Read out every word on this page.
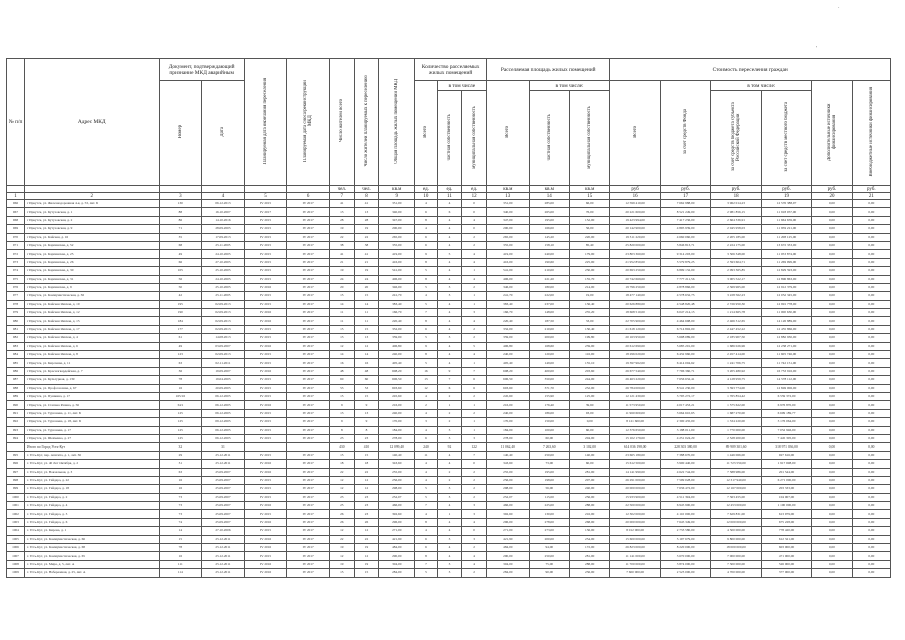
.
'
№ п/п	Адрес МКД	Документ, подтверждающий признание МКД аварийным		Планируемая дата окончания переселения	Планируемая дата сноса/реконструкции МКД	Число жителей всего	Число жителей планируемых к переселению	Общая площадь жилых помещений МКД	Количество расселяемых жилых помещений			Расселяемая площадь жилых помещений			Стоимость переселения граждан					
		Номер	Дата						Всего	в том числе		Всего	в том числе:		Всего	за счет средств Фонда	в том числе:		Дополнительные источники финансирования	Внебюджетные источники финансирования
										частная собственность	муниципальная собственность		частная собственность	муниципальная собственность			за счет средств бюджета субъекта Российской Федерации	за счет средств местного бюджета		
						чел.	чел.	кв.м	ед.	ед.	ед.	кв.м	кв.м	кв.м	руб	руб.	руб.	руб.	руб.	руб.
1	2	3	4	5	6	7	8	9	10	11	12	13	14	15	16	17	18	19	20	21
966	г Иркутск, ул. Железнодорожная 4-я, д. 53, лит. Б	130	06.12.2013	IV 2015	IV 2017	41	41	351,00	4	4	0	351,00	285,00	66,00	12 599 410,00	7 662 988,00	3 962 014,23	12 576 388,97	0,00	0,00
967	г Иркутск, ул. Кутузовская, д. 1	88	16.10.2007	IV 2017	IV 2017	13	13	340,00	6	6	0	340,00	265,00	76,00	20 221 600,00	8 521 249,00	2 981 856,15	11 918 057,00	0,00	0,00
968	г Иркутск, ул. Кутузовская, д. 2	86	14.10.2016	IV 2015	IV 2017	28	28	347,00	8	4	4	347,00	195,00	152,00	19 423 994,00	7 417 236,00	2 664 336,91	11 664 659,00	0,00	0,00
969	г Иркутск, ул. Кутузовская, д. 9	71	28.09.2005	IV 2015	IV 2017	19	19	200,00	4	4	0	200,00	166,00	56,00	20 142 900,00	4 895 939,00	2 045 958,03	11 959 221,00	0,00	0,00
970	г Иркутск, ул. Кайская, д. 16	35	17.09.2013	IV 2015	IV 2017	22	22	265,00	6	4	2	265,00	145,20	220,00	19 311 220,00	4 660 060,00	2 205 185,00	11 208 125,00	0,00	0,00
971	г Иркутск, ул. Карпинская, д. 52	68	25.11.2005	IV 2015	IV 2017	38	38	355,00	6	4	2	355,00	158,10	85,40	25 820 000,00	5 846 813,71	2 224 175,00	13 672 333,00	0,00	0,00
972	г Иркутск, ул. Карпинская, д. 25	49	24.10.2005	IV 2015	IV 2017	41	41	419,00	9	5	4	419,00	240,00	179,00	23 803 360,00	9 314 203,00	3 506 348,00	11 053 874,00	0,00	0,00
973	г Иркутск, ул. Карпинская, д. 26	66	27.10.2005	IV 2015	IV 2017	21	21	416,00	8	4	4	416,00	190,60	225,00	21 952 850,00	5 579 879,25	2 593 604,71	11 269 999,00	0,00	0,00
974	г Иркутск, ул. Карпинская, д. 30	105	25.10.2005	IV 2015	IV 2017	19	19	541,00	5	4	1	541,00	210,00	230,00	20 693 250,00	6 899 132,00	2 093 365,85	12 829 593,00	0,00	0,00
975	г Иркутск, ул. Карпинская, д. 31	56	24.10.2005	IV 2015	IV 2017	24	24	406,00	8	4	4	406,00	221,20	155,70	20 742 669,00	7 777 211,56	3 005 522,17	12 896 863,00	0,00	0,00
976	г Иркутск, ул. Карпинская, д. 9	50	25.10.2005	IV 2016	IV 2017	20	20	346,00	5	3	2	346,00	180,00	214,00	19 796 250,00	4 878 866,00	2 369 965,00	12 912 379,00	0,00	0,00
977	г Иркутск, ул. Коммунистическая, д. 36	42	25.11.2005	IV 2015	IV 2017	15	15	241,70	4	3	1	241,70	222,00	19,00	18 477 140,00	4 578 632,73	3 228 562,23	12 052 345,00	0,00	0,00
978	г Иркутск, ул. Кайская Ямская, д. 10	195	02.09.2013	IV 2015	IV 2017	14	14	383,40	5	4	1	383,40	237,00	136,40	20 626 880,00	4 548 820,48	2 726 950,30	12 991 778,00	0,00	0,00
979	г Иркутск, ул. Кайская Ямская, д. 12	190	02.09.2013	IV 2016	IV 2017	11	11	166,70	7	4	3	166,70	148,00	235,20	18 668 510,00	6 047 214,13	1 214 665,78	11 000 630,00	0,00	0,00
980	г Иркутск, ул. Кайская Ямская, д. 15	184	02.09.2013	IV 2016	IV 2017	11	11	220,40	8	4	4	220,40	187,50	33,00	22 705 900,00	4 464 698,00	2 466 312,65	14 126 889,00	0,00	0,00
981	г Иркутск, ул. Кайская Ямская, д. 17	177	02.09.2013	IV 2015	IV 2017	15	15	332,00	6	4	2	332,00	210,00	130,40	21 618 120,00	6 714 802,00	2 447 452,22	12 455 866,00	0,00	0,00
982	г Иркутск, ул. Кайская Ямская, д. 4	61	14.08.2013	IV 2015	IV 2017	13	13	359,00	5	3	2	359,00	200,00	199,80	20 163 950,00	5 698 089,00	2 185 907,50	12 882 930,00	0,00	0,00
983	г Иркутск, ул. Кайская Ямская, д. 6	49	03.09.2007	IV 2016	IV 2017	12	12	406,80	9	4	5	406,80	168,60	239,00	20 612 690,00	5 685 201,00	1 686 026,96	12 238 271,00	0,00	0,00
984	г Иркутск, ул. Кайская Ямская, д. 8	123	02.09.2013	IV 2015	IV 2017	14	14	240,00	8	4	4	240,00	120,00	116,00	18 296 020,00	6 432 960,00	2 457 414,00	11 605 746,00	0,00	0,00
985	г Иркутск, ул. Кирочная, д. 11	63	02.11.2011	IV 2015	IV 2017	16	16	405,40	5	4	1	405,40	149,00	155,10	19 397 962,00	6 414 004,62	1 241 706,75	11 742 151,00	0,00	0,00
986	г Иркутск, ул. Красногвардейская, д. 7	36	19.09.2007	IV 2016	IV 2017	48	48	608,20	16	9	7	608,20	400,00	203,60	26 677 540,00	7 796 360,71	3 205 480,92	16 753 916,00	0,00	0,00
987	г Иркутск, ул. Культурная, д. 139	78	19.04.2005	IV 2015	IV 2017	60	60	606,50	13	7	6	606,50	350,00	244,00	26 463 220,00	7 656 632,41	4 128 959,75	14 578 112,00	0,00	0,00
988	г Иркутск, ул. Профсоюзная, д. 67	16	20.09.2005	IV 2015	IV 2017	53	53	603,60	12	6	6	603,60	371,70	232,00	26 784 000,00	8 541 230,00	3 393 774,00	12 849 006,00	0,00	0,00
989	г Иркутск, ул. Пушкина, д. 17	165/16	06.12.2005	IV 2015	IV 2017	15	15	245,60	4	2	2	245,60	155,90	125,00	12 121 430,00	3 795 272,17	1 765 854,42	6 559 372,00	0,00	0,00
990	г Иркутск, ул. Степана Разина, д. 56	34/1	06.12.2005	IV 2016	IV 2017	9	9	216,00	2	1	1	216,00	176,40	39,60	11 573 950,00	4 017 453,21	1 575 622,00	6 976 870,00	0,00	0,00
991	г Иркутск, ул. Тургенева, д. 11, лит. Б	125	06.12.2005	IV 2015	IV 2017	13	13	240,00	4	2	2	240,00	186,00	93,00	11 960 600,00	3 664 610,65	1 687 270,00	6 609 189,77	0,00	0,00
992	г Иркутск, ул. Тургенева, д. 18, лит. Б	125	09.12.2005	IV 2015	IV 2017	9	9	170,00	3	2	1	170,00	150,00	0,00	8 121 600,00	2 300 435,00	1 334 220,00	3 176 064,00	0,00	0,00
993	г Иркутск, ул. Тургенева, д. 17	125	06.12.2005	IV 2015	IV 2017	8	8	184,00	4	3	1	184,00	100,00	60,00	12 376 650,00	3 188 011,00	1 770 000,00	7 052 946,00	0,00	0,00
994	г Иркутск, ул. Шевченко, д. 27	125	06.12.2005	IV 2015	IV 2017	23	23	278,00	6	3	3	278,00	60,00	204,00	15 102 179,00	4 251 024,29	2 528 200,00	7 445 305,00	0,00	0,00
	Итого по Город Усть-Кут	32	31			430	410	12 099,40	240	92	122	11 062,40	7 263,60	3 102,00	614 036 198,00	228 303 380,00	89 909 301,60	318 971 036,00	0,00	0,00
995	г. Усть-Кут, пер. Апатита, д. 1, лит. 36	29	25.12.2011	IV 2015	IV 2017	15	15	140,40	11	4	7	140,40	250,00	140,00	23 665 180,00	7 388 670,00	1 446 066,00	927 616,00	0,00	0,00
996	г. Усть-Кут, ул. 40 Лет Октября, д. 2	31	25.12.2011	IV 2016	IV 2017	18	18	343,60	4	4	0	343,60	73,00	60,00	15 612 500,00	3 900 440,00	11 723 550,00	1 917 698,00	0,00	0,00
997	г. Усть-Кут, ул. Вокзальная, д. 3	63	25.09.2007	IV 2016	IV 2017	22	22	255,00	4	2	2	255,00	195,00	281,00	14 141 990,00	4 622 744,00	7 588 986,00	201 544,00	0,00	0,00
998	г. Усть-Кут, ул. Гайдара, д. 22	16	25.09.2007	IV 2015	IV 2017	12	12	256,00	4	2	2	256,00	198,00	207,00	26 291 000,00	7 599 028,00	12 317 940,00	6 271 000,00	0,00	0,00
999	г. Усть-Кут, ул. Гайдара, д. 18	16	25.09.2007	IV 2015	IV 2017	12	12	298,00	5	3	2	298,00	56,00	240,00	20 000 000,00	7 636 472,00	12 167 000,00	203 333,00	0,00	0,00
1000	г. Усть-Кут, ул. Гайдара, д. 2	73	25.09.2007	IV 2015	IV 2017	23	23	252,07	5	3	2	252,07	115,00	256,00	15 933 900,00	4 511 394,00	7 363 455,00	104 007,00	0,00	0,00
1001	г. Усть-Кут, ул. Гайдара, д. 4	73	25.09.2007	IV 2016	IV 2017	25	23	466,00	7	4	3	466,00	225,00	288,00	22 500 000,00	6 945 900,00	12 453 000,00	1 100 000,00	0,00	0,00
1002	г. Усть-Кут, ул. Гайдара, д. 3	73	25.09.2007	IV 2015	IV 2017	26	23	392,60	4	1	3	392,60	130,00	216,00	12 302 000,00	4 110 000,00	7 629 831,00	613 979,00	0,00	0,00
1003	г. Усть-Кут, ул. Гайдара, д. 6	74	25.09.2007	IV 2016	IV 2017	26	26	296,00	8	4	4	296,00	278,00	268,00	20 000 000,00	7 645 349,00	12 000 000,00	675 228,00	0,00	0,00
1004	г. Усть-Кут, ул. Кирова, д. 1	14	27.10.2006	IV 2015	IV 2017	12	12	271,00	4	4	0	271,00	273,00	136,00	8 012 000,00	2 733 580,00	4 500 000,00	778 420,00	0,00	0,00
1005	г. Усть-Кут, ул. Коммунистическая, д. 66	15	25.12.2011	IV 2016	IV 2017	22	22	421,90	6	3	3	421,90	200,00	254,00	15 600 000,00	5 197 679,00	9 800 000,00	612 321,00	0,00	0,00
1006	г. Усть-Кут, ул. Коммунистическая, д. 68	78	25.12.2011	IV 2016	IV 2017	19	19	484,00	6	4	2	484,00	94,00	172,00	26 823 000,00	8 220 000,00	18 000 000,00	603 000,00	0,00	0,00
1007	г. Усть-Кут, ул. Коммунистическая, д. 65	16	25.12.2011	IV 2015	IV 2017	12	12	290,00	8	4	4	290,00	250,00	281,00	11 141 000,00	3 670 000,00	7 000 000,00	471 000,00	0,00	0,00
1008	г. Усть-Кут, ул. Мира, д. 5, лит. А	111	25.12.2011	IV 2016	IV 2017	19	19	304,00	7	3	4	304,00	75,00	288,00	11 700 000,00	3 874 000,00	7 300 000,00	526 000,00	0,00	0,00
1009	г. Усть-Кут, ул. Набережная, д. 25, лит. А	114	25.12.2011	IV 2016	IV 2017	15	15	284,00	5	3	2	284,00	90,00	236,00	7 600 000,00	2 523 000,00	4 700 000,00	377 000,00	0,00	0,00
